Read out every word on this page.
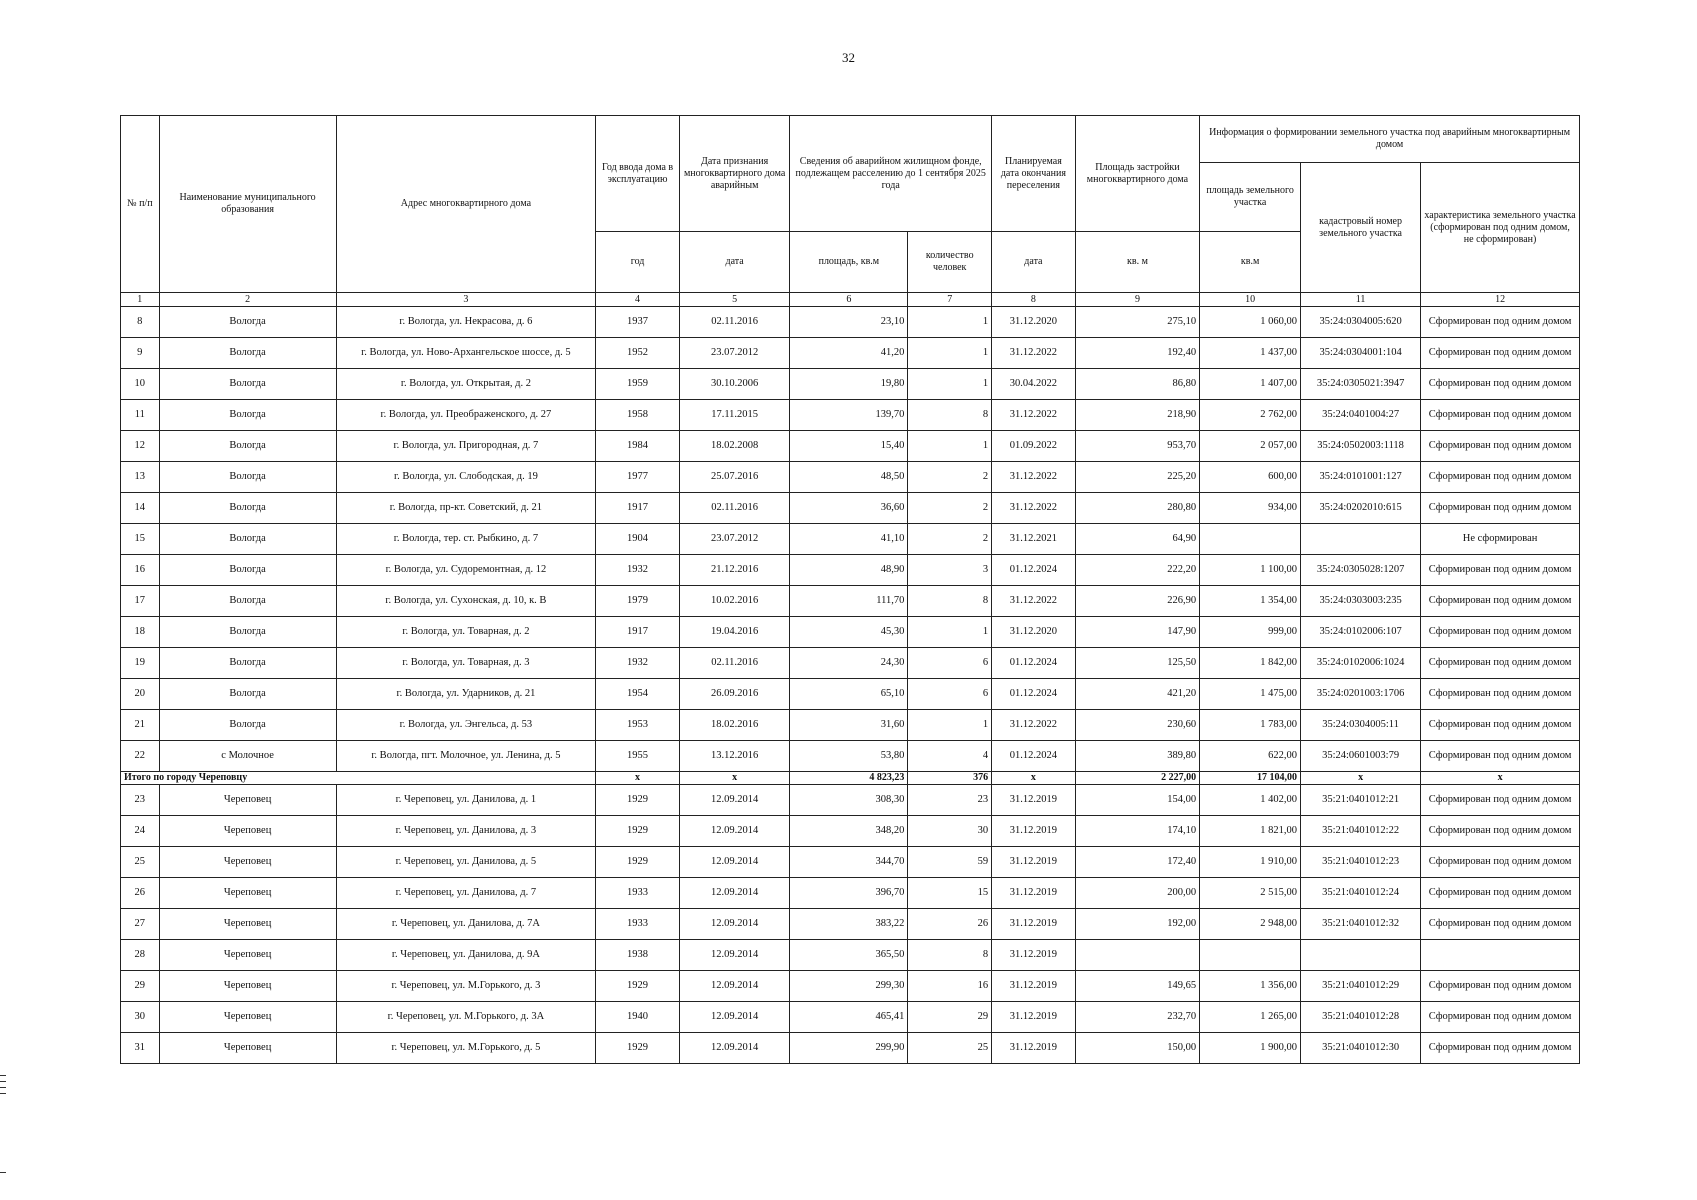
32
№ п/п	Наименование муниципального образования	Адрес многоквартирного дома	Год ввода дома в эксплуатацию	Дата признания многоквартирного дома аварийным	Сведения об аварийном жилищном фонде, подлежащем расселению до 1 сентября 2025 года		Планируемая дата окончания переселения	Площадь застройки многоквартирного дома	Информация о формировании земельного участка под аварийным многоквартирным домом		
									площадь земельного участка	кадастровый номер земельного участка	характеристика земельного участка (сформирован под одним домом, не сформирован)
			год	дата	площадь, кв.м	количество человек	дата	кв. м	кв.м		
1	2	3	4	5	6	7	8	9	10	11	12
8	Вологда	г. Вологда, ул. Некрасова, д. 6	1937	02.11.2016	23,10	1	31.12.2020	275,10	1 060,00	35:24:0304005:620	Сформирован под одним домом
9	Вологда	г. Вологда, ул. Ново-Архангельское шоссе, д. 5	1952	23.07.2012	41,20	1	31.12.2022	192,40	1 437,00	35:24:0304001:104	Сформирован под одним домом
10	Вологда	г. Вологда, ул. Открытая, д. 2	1959	30.10.2006	19,80	1	30.04.2022	86,80	1 407,00	35:24:0305021:3947	Сформирован под одним домом
11	Вологда	г. Вологда, ул. Преображенского, д. 27	1958	17.11.2015	139,70	8	31.12.2022	218,90	2 762,00	35:24:0401004:27	Сформирован под одним домом
12	Вологда	г. Вологда, ул. Пригородная, д. 7	1984	18.02.2008	15,40	1	01.09.2022	953,70	2 057,00	35:24:0502003:1118	Сформирован под одним домом
13	Вологда	г. Вологда, ул. Слободская, д. 19	1977	25.07.2016	48,50	2	31.12.2022	225,20	600,00	35:24:0101001:127	Сформирован под одним домом
14	Вологда	г. Вологда, пр-кт. Советский, д. 21	1917	02.11.2016	36,60	2	31.12.2022	280,80	934,00	35:24:0202010:615	Сформирован под одним домом
15	Вологда	г. Вологда, тер. ст. Рыбкино, д. 7	1904	23.07.2012	41,10	2	31.12.2021	64,90			Не сформирован
16	Вологда	г. Вологда, ул. Судоремонтная, д. 12	1932	21.12.2016	48,90	3	01.12.2024	222,20	1 100,00	35:24:0305028:1207	Сформирован под одним домом
17	Вологда	г. Вологда, ул. Сухонская, д. 10, к. В	1979	10.02.2016	111,70	8	31.12.2022	226,90	1 354,00	35:24:0303003:235	Сформирован под одним домом
18	Вологда	г. Вологда, ул. Товарная, д. 2	1917	19.04.2016	45,30	1	31.12.2020	147,90	999,00	35:24:0102006:107	Сформирован под одним домом
19	Вологда	г. Вологда, ул. Товарная, д. 3	1932	02.11.2016	24,30	6	01.12.2024	125,50	1 842,00	35:24:0102006:1024	Сформирован под одним домом
20	Вологда	г. Вологда, ул. Ударников, д. 21	1954	26.09.2016	65,10	6	01.12.2024	421,20	1 475,00	35:24:0201003:1706	Сформирован под одним домом
21	Вологда	г. Вологда, ул. Энгельса, д. 53	1953	18.02.2016	31,60	1	31.12.2022	230,60	1 783,00	35:24:0304005:11	Сформирован под одним домом
22	с Молочное	г. Вологда, пгт. Молочное, ул. Ленина, д. 5	1955	13.12.2016	53,80	4	01.12.2024	389,80	622,00	35:24:0601003:79	Сформирован под одним домом
Итого по городу Череповцу			х	х	4 823,23	376	х	2 227,00	17 104,00	х	х
23	Череповец	г. Череповец, ул. Данилова, д. 1	1929	12.09.2014	308,30	23	31.12.2019	154,00	1 402,00	35:21:0401012:21	Сформирован под одним домом
24	Череповец	г. Череповец, ул. Данилова, д. 3	1929	12.09.2014	348,20	30	31.12.2019	174,10	1 821,00	35:21:0401012:22	Сформирован под одним домом
25	Череповец	г. Череповец, ул. Данилова, д. 5	1929	12.09.2014	344,70	59	31.12.2019	172,40	1 910,00	35:21:0401012:23	Сформирован под одним домом
26	Череповец	г. Череповец, ул. Данилова, д. 7	1933	12.09.2014	396,70	15	31.12.2019	200,00	2 515,00	35:21:0401012:24	Сформирован под одним домом
27	Череповец	г. Череповец, ул. Данилова, д. 7А	1933	12.09.2014	383,22	26	31.12.2019	192,00	2 948,00	35:21:0401012:32	Сформирован под одним домом
28	Череповец	г. Череповец, ул. Данилова, д. 9А	1938	12.09.2014	365,50	8	31.12.2019				
29	Череповец	г. Череповец, ул. М.Горького, д. 3	1929	12.09.2014	299,30	16	31.12.2019	149,65	1 356,00	35:21:0401012:29	Сформирован под одним домом
30	Череповец	г. Череповец, ул. М.Горького, д. 3А	1940	12.09.2014	465,41	29	31.12.2019	232,70	1 265,00	35:21:0401012:28	Сформирован под одним домом
31	Череповец	г. Череповец, ул. М.Горького, д. 5	1929	12.09.2014	299,90	25	31.12.2019	150,00	1 900,00	35:21:0401012:30	Сформирован под одним домом
